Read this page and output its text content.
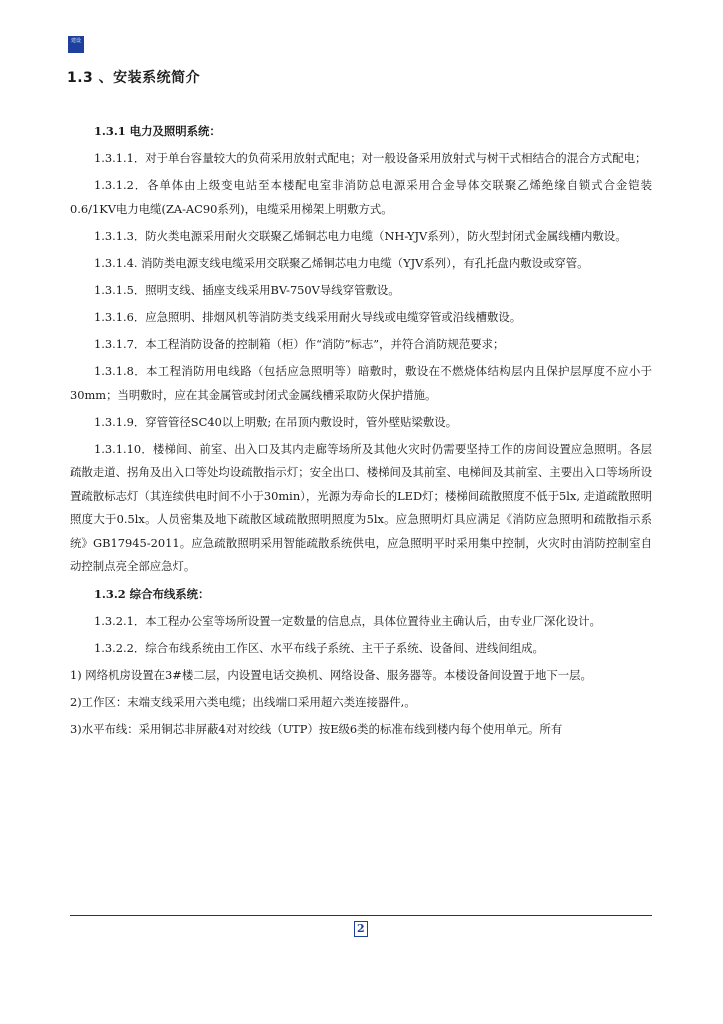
建设
1.3 、安装系统简介

1.3.1 电力及照明系统：

1.3.1.1．对于单台容量较大的负荷采用放射式配电；对一般设备采用放射式与树干式相结合的混合方式配电；

1.3.1.2．各单体由上级变电站至本楼配电室非消防总电源采用合金导体交联聚乙烯绝缘自锁式合金铠装0.6/1KV电力电缆(ZA-AC90系列)，电缆采用梯架上明敷方式。

1.3.1.3．防火类电源采用耐火交联聚乙烯铜芯电力电缆（NH-YJV系列），防火型封闭式金属线槽内敷设。

1.3.1.4. 消防类电源支线电缆采用交联聚乙烯铜芯电力电缆（YJV系列），有孔托盘内敷设或穿管。

1.3.1.5．照明支线、插座支线采用BV-750V导线穿管敷设。

1.3.1.6．应急照明、排烟风机等消防类支线采用耐火导线或电缆穿管或沿线槽敷设。

1.3.1.7．本工程消防设备的控制箱（柜）作“消防”标志”，并符合消防规范要求；

1.3.1.8．本工程消防用电线路（包括应急照明等）暗敷时，敷设在不燃烧体结构层内且保护层厚度不应小于30mm；当明敷时，应在其金属管或封闭式金属线槽采取防火保护措施。

1.3.1.9．穿管管径SC40以上明敷; 在吊顶内敷设时，管外壁贴梁敷设。

1.3.1.10．楼梯间、前室、出入口及其内走廊等场所及其他火灾时仍需要坚持工作的房间设置应急照明。各层疏散走道、拐角及出入口等处均设疏散指示灯；安全出口、楼梯间及其前室、电梯间及其前室、主要出入口等场所设置疏散标志灯（其连续供电时间不小于30min），光源为寿命长的LED灯；楼梯间疏散照度不低于5lx, 走道疏散照明照度大于0.5lx。人员密集及地下疏散区域疏散照明照度为5lx。应急照明灯具应满足《消防应急照明和疏散指示系统》GB17945-2011。应急疏散照明采用智能疏散系统供电，应急照明平时采用集中控制，火灾时由消防控制室自动控制点亮全部应急灯。

1.3.2 综合布线系统：

1.3.2.1．本工程办公室等场所设置一定数量的信息点，具体位置待业主确认后，由专业厂深化设计。

1.3.2.2．综合布线系统由工作区、水平布线子系统、主干子系统、设备间、进线间组成。

1) 网络机房设置在3#楼二层，内设置电话交换机、网络设备、服务器等。本楼设备间设置于地下一层。

2)工作区：末端支线采用六类电缆；出线端口采用超六类连接器件,。

3)水平布线：采用铜芯非屏蔽4对对绞线（UTP）按E级6类的标准布线到楼内每个使用单元。所有

2
